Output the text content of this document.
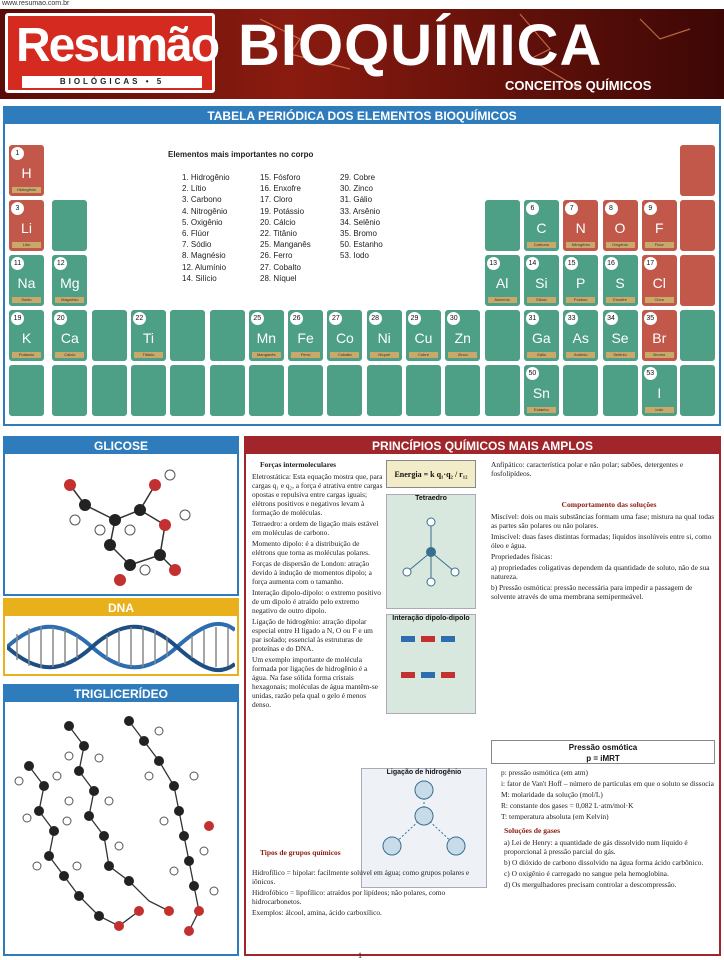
www.resumao.com.br
Resumão
BIOLÓGICAS • 5
BIOQUÍMICA
CONCEITOS QUÍMICOS
TABELA PERIÓDICA DOS ELEMENTOS BIOQUÍMICOS
1
H
Hidrogênio
3
Li
Lítio
6
C
Carbono
7
N
Nitrogênio
8
O
Oxigênio
9
F
Flúor
11
Na
Sódio
12
Mg
Magnésio
13
Al
Alumínio
14
Si
Silício
15
P
Fósforo
16
S
Enxofre
17
Cl
Cloro
19
K
Potássio
20
Ca
Cálcio
22
Ti
Titânio
25
Mn
Manganês
26
Fe
Ferro
27
Co
Cobalto
28
Ni
Níquel
29
Cu
Cobre
30
Zn
Zinco
31
Ga
Gálio
33
As
Arsênio
34
Se
Selênio
35
Br
Bromo
50
Sn
Estanho
53
I
Iodo
Elementos mais importantes no corpo
1. Hidrogênio
2. Lítio
3. Carbono
4. Nitrogênio
5. Oxigênio
6. Flúor
7. Sódio
8. Magnésio
12. Alumínio
14. Silício
15. Fósforo
16. Enxofre
17. Cloro
19. Potássio
20. Cálcio
22. Titânio
25. Manganês
26. Ferro
27. Cobalto
28. Níquel
29. Cobre
30. Zinco
31. Gálio
33. Arsênio
34. Selênio
35. Bromo
50. Estanho
53. Iodo
GLICOSE
DNA
TRIGLICERÍDEO
PRINCÍPIOS QUÍMICOS MAIS AMPLOS
Forças intermoleculares
Energia = k q₁·q₂ / r₁₂
Eletrostática: Esta equação mostra que, para cargas q₁ e q₂, a força é atrativa entre cargas opostas e repulsiva entre cargas iguais; elétrons positivos e negativos levam à formação de moléculas.
Tetraedro: a ordem de ligação mais estável em moléculas de carbono.
Momento dipolo: é a distribuição de elétrons que torna as moléculas polares.
Forças de dispersão de London: atração devido à indução de momentos dipolo; a força aumenta com o tamanho.
Interação dipolo-dipolo: o extremo positivo de um dipolo é atraído pelo extremo negativo de outro dipolo.
Ligação de hidrogênio: atração dipolar especial entre H ligado a N, O ou F e um par isolado; essencial às estruturas de proteínas e do DNA.
Um exemplo importante de molécula formada por ligações de hidrogênio é a água. Na fase sólida forma cristais hexagonais; moléculas de água mantêm-se unidas, razão pela qual o gelo é menos denso.
Tetraedro
Interação dipolo-dipolo
Ligação de hidrogênio
Tipos de grupos químicos
Hidrofílico = hipolar: facilmente solúvel em água; como grupos polares e iônicos.
Hidrofóbico = lipofílico: atraídos por lipídeos; não polares, como hidrocarbonetos.
Exemplos: álcool, amina, ácido carboxílico.
Anfipático: característica polar e não polar; sabões, detergentes e fosfolipídeos.
Comportamento das soluções
Miscível: dois ou mais substâncias formam uma fase; mistura na qual todas as partes são polares ou não polares.
Imiscível: duas fases distintas formadas; líquidos insolúveis entre si, como óleo e água.
Propriedades físicas:
a) propriedades coligativas dependem da quantidade de soluto, não de sua natureza.
b) Pressão osmótica: pressão necessária para impedir a passagem de solvente através de uma membrana semipermeável.
Pressão osmótica
p = iMRT
p: pressão osmótica (em atm)
i: fator de Van't Hoff – número de partículas em que o soluto se dissocia
M: molaridade da solução (mol/L)
R: constante dos gases = 0,082 L·atm/mol·K
T: temperatura absoluta (em Kelvin)
Soluções de gases
a) Lei de Henry: a quantidade de gás dissolvido num líquido é proporcional à pressão parcial do gás.
b) O dióxido de carbono dissolvido na água forma ácido carbônico.
c) O oxigênio é carregado no sangue pela hemoglobina.
d) Os mergulhadores precisam controlar a descompressão.
1
